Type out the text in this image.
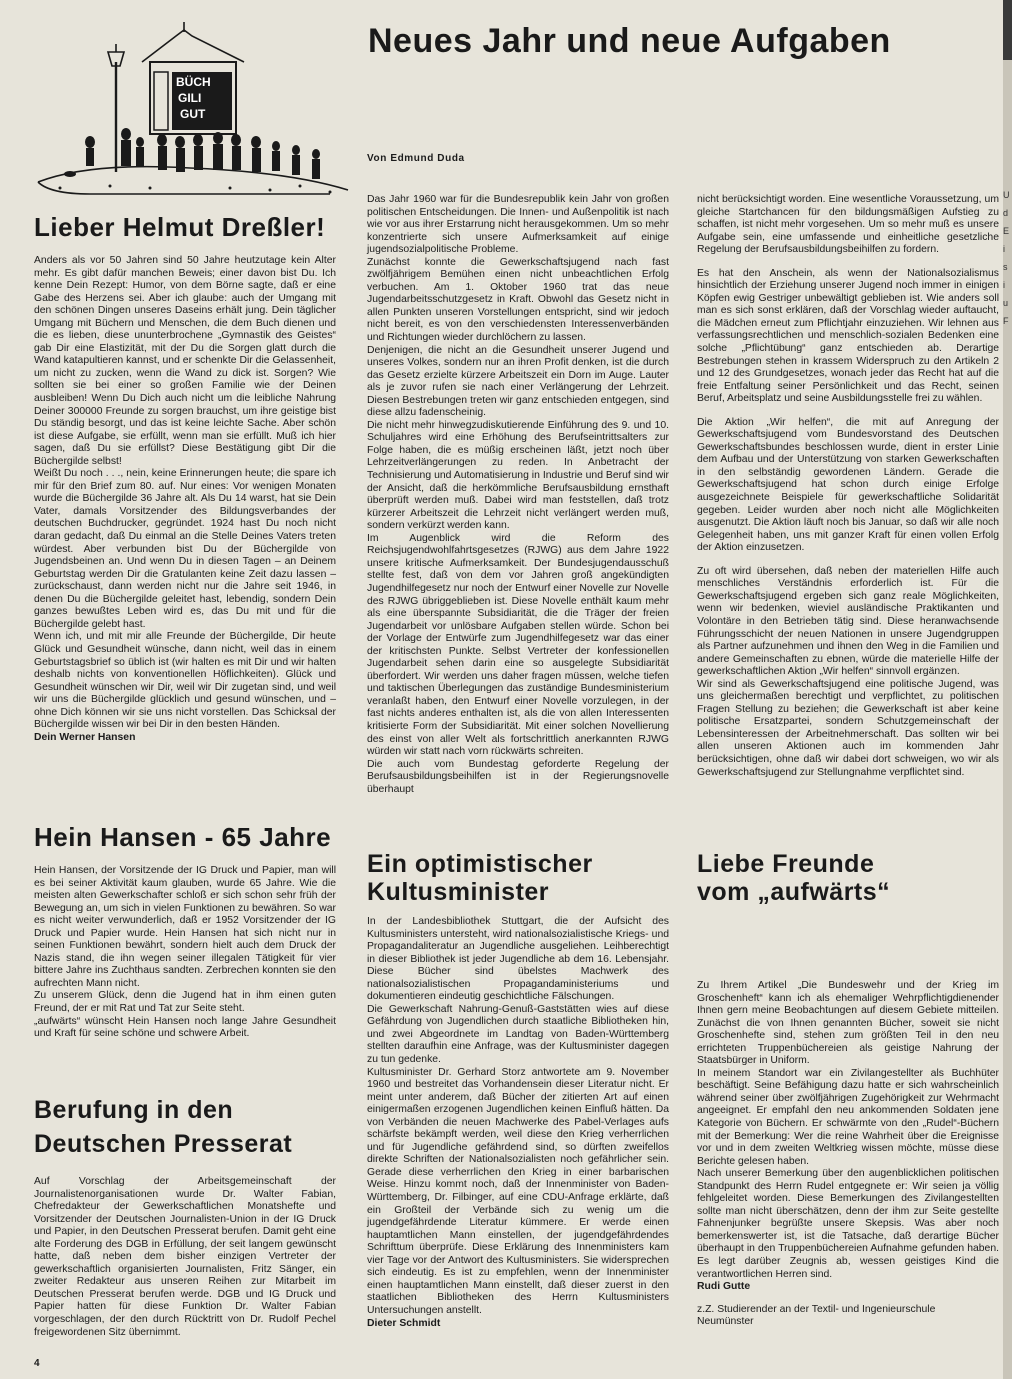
U d E i s i u F
BÜCH
GILI
GUT
Neues Jahr und neue Aufgaben
Von Edmund Duda
Lieber Helmut Dreßler!

Anders als vor 50 Jahren sind 50 Jahre heutzutage kein Alter mehr. Es gibt dafür manchen Beweis; einer davon bist Du. Ich kenne Dein Rezept: Humor, von dem Börne sagte, daß er eine Gabe des Herzens sei. Aber ich glaube: auch der Umgang mit den schönen Dingen unseres Daseins erhält jung. Dein täglicher Umgang mit Büchern und Menschen, die dem Buch dienen und die es lieben, diese ununterbrochene „Gymnastik des Geistes“ gab Dir eine Elastizität, mit der Du die Sorgen glatt durch die Wand katapultieren kannst, und er schenkte Dir die Gelassenheit, um nicht zu zucken, wenn die Wand zu dick ist. Sorgen? Wie sollten sie bei einer so großen Familie wie der Deinen ausbleiben! Wenn Du Dich auch nicht um die leibliche Nahrung Deiner 300000 Freunde zu sorgen brauchst, um ihre geistige bist Du ständig besorgt, und das ist keine leichte Sache. Aber schön ist diese Aufgabe, sie erfüllt, wenn man sie erfüllt. Muß ich hier sagen, daß Du sie erfüllst? Diese Bestätigung gibt Dir die Büchergilde selbst!

Weißt Du noch . . ., nein, keine Erinnerungen heute; die spare ich mir für den Brief zum 80. auf. Nur eines: Vor wenigen Monaten wurde die Büchergilde 36 Jahre alt. Als Du 14 warst, hat sie Dein Vater, damals Vorsitzender des Bildungsverbandes der deutschen Buchdrucker, gegründet. 1924 hast Du noch nicht daran gedacht, daß Du einmal an die Stelle Deines Vaters treten würdest. Aber verbunden bist Du der Büchergilde von Jugendsbeinen an. Und wenn Du in diesen Tagen – an Deinem Geburtstag werden Dir die Gratulanten keine Zeit dazu lassen – zurückschaust, dann werden nicht nur die Jahre seit 1946, in denen Du die Büchergilde geleitet hast, lebendig, sondern Dein ganzes bewußtes Leben wird es, das Du mit und für die Büchergilde gelebt hast.

Wenn ich, und mit mir alle Freunde der Büchergilde, Dir heute Glück und Gesundheit wünsche, dann nicht, weil das in einem Geburtstagsbrief so üblich ist (wir halten es mit Dir und wir halten deshalb nichts von konventionellen Höflichkeiten). Glück und Gesundheit wünschen wir Dir, weil wir Dir zugetan sind, und weil wir uns die Büchergilde glücklich und gesund wünschen, und – ohne Dich können wir sie uns nicht vorstellen. Das Schicksal der Büchergilde wissen wir bei Dir in den besten Händen.

Dein Werner Hansen

Hein Hansen - 65 Jahre

Hein Hansen, der Vorsitzende der IG Druck und Papier, man will es bei seiner Aktivität kaum glauben, wurde 65 Jahre. Wie die meisten alten Gewerkschafter schloß er sich schon sehr früh der Bewegung an, um sich in vielen Funktionen zu bewähren. So war es nicht weiter verwunderlich, daß er 1952 Vorsitzender der IG Druck und Papier wurde. Hein Hansen hat sich nicht nur in seinen Funktionen bewährt, sondern hielt auch dem Druck der Nazis stand, die ihn wegen seiner illegalen Tätigkeit für vier bittere Jahre ins Zuchthaus sandten. Zerbrechen konnten sie den aufrechten Mann nicht.

Zu unserem Glück, denn die Jugend hat in ihm einen guten Freund, der er mit Rat und Tat zur Seite steht.

„aufwärts“ wünscht Hein Hansen noch lange Jahre Gesundheit und Kraft für seine schöne und schwere Arbeit.

Berufung in den
Deutschen Presserat

Auf Vorschlag der Arbeitsgemeinschaft der Journalistenorganisationen wurde Dr. Walter Fabian, Chefredakteur der Gewerkschaftlichen Monatshefte und Vorsitzender der Deutschen Journalisten-Union in der IG Druck und Papier, in den Deutschen Presserat berufen. Damit geht eine alte Forderung des DGB in Erfüllung, der seit langem gewünscht hatte, daß neben dem bisher einzigen Vertreter der gewerkschaftlich organisierten Journalisten, Fritz Sänger, ein zweiter Redakteur aus unseren Reihen zur Mitarbeit im Deutschen Presserat berufen werde. DGB und IG Druck und Papier hatten für diese Funktion Dr. Walter Fabian vorgeschlagen, der den durch Rücktritt von Dr. Rudolf Pechel freigewordenen Sitz übernimmt.

Das Jahr 1960 war für die Bundesrepublik kein Jahr von großen politischen Entscheidungen. Die Innen- und Außenpolitik ist nach wie vor aus ihrer Erstarrung nicht herausgekommen. Um so mehr konzentrierte sich unsere Aufmerksamkeit auf einige jugendsozialpolitische Probleme.

Zunächst konnte die Gewerkschaftsjugend nach fast zwölfjährigem Bemühen einen nicht unbeachtlichen Erfolg verbuchen. Am 1. Oktober 1960 trat das neue Jugendarbeitsschutzgesetz in Kraft. Obwohl das Gesetz nicht in allen Punkten unseren Vorstellungen entspricht, sind wir jedoch nicht bereit, es von den verschiedensten Interessenverbänden und Richtungen wieder durchlöchern zu lassen.

Denjenigen, die nicht an die Gesundheit unserer Jugend und unseres Volkes, sondern nur an ihren Profit denken, ist die durch das Gesetz erzielte kürzere Arbeitszeit ein Dorn im Auge. Lauter als je zuvor rufen sie nach einer Verlängerung der Lehrzeit. Diesen Bestrebungen treten wir ganz entschieden entgegen, sind diese allzu fadenscheinig.

Die nicht mehr hinwegzudiskutierende Einführung des 9. und 10. Schuljahres wird eine Erhöhung des Berufseintrittsalters zur Folge haben, die es müßig erscheinen läßt, jetzt noch über Lehrzeitverlängerungen zu reden. In Anbetracht der Technisierung und Automatisierung in Industrie und Beruf sind wir der Ansicht, daß die herkömmliche Berufsausbildung ernsthaft überprüft werden muß. Dabei wird man feststellen, daß trotz kürzerer Arbeitszeit die Lehrzeit nicht verlängert werden muß, sondern verkürzt werden kann.

Im Augenblick wird die Reform des Reichsjugendwohlfahrtsgesetzes (RJWG) aus dem Jahre 1922 unsere kritische Aufmerksamkeit. Der Bundesjugendausschuß stellte fest, daß von dem vor Jahren groß angekündigten Jugendhilfegesetz nur noch der Entwurf einer Novelle zur Novelle des RJWG übriggeblieben ist. Diese Novelle enthält kaum mehr als eine überspannte Subsidiarität, die die Träger der freien Jugendarbeit vor unlösbare Aufgaben stellen würde. Schon bei der Vorlage der Entwürfe zum Jugendhilfegesetz war das einer der kritischsten Punkte. Selbst Vertreter der konfessionellen Jugendarbeit sehen darin eine so ausgelegte Subsidiarität überfordert. Wir werden uns daher fragen müssen, welche tiefen und taktischen Überlegungen das zuständige Bundesministerium veranlaßt haben, den Entwurf einer Novelle vorzulegen, in der fast nichts anderes enthalten ist, als die von allen Interessenten kritisierte Form der Subsidiarität. Mit einer solchen Novellierung des einst von aller Welt als fortschrittlich anerkannten RJWG würden wir statt nach vorn rückwärts schreiten.

Die auch vom Bundestag geforderte Regelung der Berufsausbildungsbeihilfen ist in der Regierungsnovelle überhaupt

nicht berücksichtigt worden. Eine wesentliche Voraussetzung, um gleiche Startchancen für den bildungsmäßigen Aufstieg zu schaffen, ist nicht mehr vorgesehen. Um so mehr muß es unsere Aufgabe sein, eine umfassende und einheitliche gesetzliche Regelung der Berufsausbildungsbeihilfen zu fordern.

Es hat den Anschein, als wenn der Nationalsozialismus hinsichtlich der Erziehung unserer Jugend noch immer in einigen Köpfen ewig Gestriger unbewältigt geblieben ist. Wie anders soll man es sich sonst erklären, daß der Vorschlag wieder auftaucht, die Mädchen erneut zum Pflichtjahr einzuziehen. Wir lehnen aus verfassungsrechtlichen und menschlich-sozialen Bedenken eine solche „Pflichtübung“ ganz entschieden ab. Derartige Bestrebungen stehen in krassem Widerspruch zu den Artikeln 2 und 12 des Grundgesetzes, wonach jeder das Recht hat auf die freie Entfaltung seiner Persönlichkeit und das Recht, seinen Beruf, Arbeitsplatz und seine Ausbildungsstelle frei zu wählen.

Die Aktion „Wir helfen“, die mit auf Anregung der Gewerkschaftsjugend vom Bundesvorstand des Deutschen Gewerkschaftsbundes beschlossen wurde, dient in erster Linie dem Aufbau und der Unterstützung von starken Gewerkschaften in den selbständig gewordenen Ländern. Gerade die Gewerkschaftsjugend hat schon durch einige Erfolge ausgezeichnete Beispiele für gewerkschaftliche Solidarität gegeben. Leider wurden aber noch nicht alle Möglichkeiten ausgenutzt. Die Aktion läuft noch bis Januar, so daß wir alle noch Gelegenheit haben, uns mit ganzer Kraft für einen vollen Erfolg der Aktion einzusetzen.

Zu oft wird übersehen, daß neben der materiellen Hilfe auch menschliches Verständnis erforderlich ist. Für die Gewerkschaftsjugend ergeben sich ganz reale Möglichkeiten, wenn wir bedenken, wieviel ausländische Praktikanten und Volontäre in den Betrieben tätig sind. Diese heranwachsende Führungsschicht der neuen Nationen in unsere Jugendgruppen als Partner aufzunehmen und ihnen den Weg in die Familien und andere Gemeinschaften zu ebnen, würde die materielle Hilfe der gewerkschaftlichen Aktion „Wir helfen“ sinnvoll ergänzen.

Wir sind als Gewerkschaftsjugend eine politische Jugend, was uns gleichermaßen berechtigt und verpflichtet, zu politischen Fragen Stellung zu beziehen; die Gewerkschaft ist aber keine politische Ersatzpartei, sondern Schutzgemeinschaft der Lebensinteressen der Arbeitnehmerschaft. Das sollten wir bei allen unseren Aktionen auch im kommenden Jahr berücksichtigen, ohne daß wir dabei dort schweigen, wo wir als Gewerkschaftsjugend zur Stellungnahme verpflichtet sind.

Ein optimistischer
Kultusminister

In der Landesbibliothek Stuttgart, die der Aufsicht des Kultusministers untersteht, wird nationalsozialistische Kriegs- und Propagandaliteratur an Jugendliche ausgeliehen. Leihberechtigt in dieser Bibliothek ist jeder Jugendliche ab dem 16. Lebensjahr. Diese Bücher sind übelstes Machwerk des nationalsozialistischen Propagandaministeriums und dokumentieren eindeutig geschichtliche Fälschungen.

Die Gewerkschaft Nahrung-Genuß-Gaststätten wies auf diese Gefährdung von Jugendlichen durch staatliche Bibliotheken hin, und zwei Abgeordnete im Landtag von Baden-Württemberg stellten daraufhin eine Anfrage, was der Kultusminister dagegen zu tun gedenke.

Kultusminister Dr. Gerhard Storz antwortete am 9. November 1960 und bestreitet das Vorhandensein dieser Literatur nicht. Er meint unter anderem, daß Bücher der zitierten Art auf einen einigermaßen erzogenen Jugendlichen keinen Einfluß hätten. Da von Verbänden die neuen Machwerke des Pabel-Verlages aufs schärfste bekämpft werden, weil diese den Krieg verherrlichen und für Jugendliche gefährdend sind, so dürften zweifellos direkte Schriften der Nationalsozialisten noch gefährlicher sein. Gerade diese verherrlichen den Krieg in einer barbarischen Weise. Hinzu kommt noch, daß der Innenminister von Baden-Württemberg, Dr. Filbinger, auf eine CDU-Anfrage erklärte, daß ein Großteil der Verbände sich zu wenig um die jugendgefährdende Literatur kümmere. Er werde einen hauptamtlichen Mann einstellen, der jugendgefährdendes Schrifttum überprüfe. Diese Erklärung des Innenministers kam vier Tage vor der Antwort des Kultusministers. Sie widersprechen sich eindeutig. Es ist zu empfehlen, wenn der Innenminister einen hauptamtlichen Mann einstellt, daß dieser zuerst in den staatlichen Bibliotheken des Herrn Kultusministers Untersuchungen anstellt.

Dieter Schmidt

Liebe Freunde
vom „aufwärts“

Zu Ihrem Artikel „Die Bundeswehr und der Krieg im Groschenheft“ kann ich als ehemaliger Wehrpflichtigdienender Ihnen gern meine Beobachtungen auf diesem Gebiete mitteilen. Zunächst die von Ihnen genannten Bücher, soweit sie nicht Groschenhefte sind, stehen zum größten Teil in den neu errichteten Truppenbüchereien als geistige Nahrung der Staatsbürger in Uniform.

In meinem Standort war ein Zivilangestellter als Buchhüter beschäftigt. Seine Befähigung dazu hatte er sich wahrscheinlich während seiner über zwölfjährigen Zugehörigkeit zur Wehrmacht angeeignet. Er empfahl den neu ankommenden Soldaten jene Kategorie von Büchern. Er schwärmte von den „Rudel“-Büchern mit der Bemerkung: Wer die reine Wahrheit über die Ereignisse vor und in dem zweiten Weltkrieg wissen möchte, müsse diese Berichte gelesen haben.

Nach unserer Bemerkung über den augenblicklichen politischen Standpunkt des Herrn Rudel entgegnete er: Wir seien ja völlig fehlgeleitet worden. Diese Bemerkungen des Zivilangestellten sollte man nicht überschätzen, denn der ihm zur Seite gestellte Fahnenjunker begrüßte unsere Skepsis. Was aber noch bemerkenswerter ist, ist die Tatsache, daß derartige Bücher überhaupt in den Truppenbüchereien Aufnahme gefunden haben. Es legt darüber Zeugnis ab, wessen geistiges Kind die verantwortlichen Herren sind.

Rudi Gutte

z.Z. Studierender an der Textil- und Ingenieurschule

Neumünster

4
